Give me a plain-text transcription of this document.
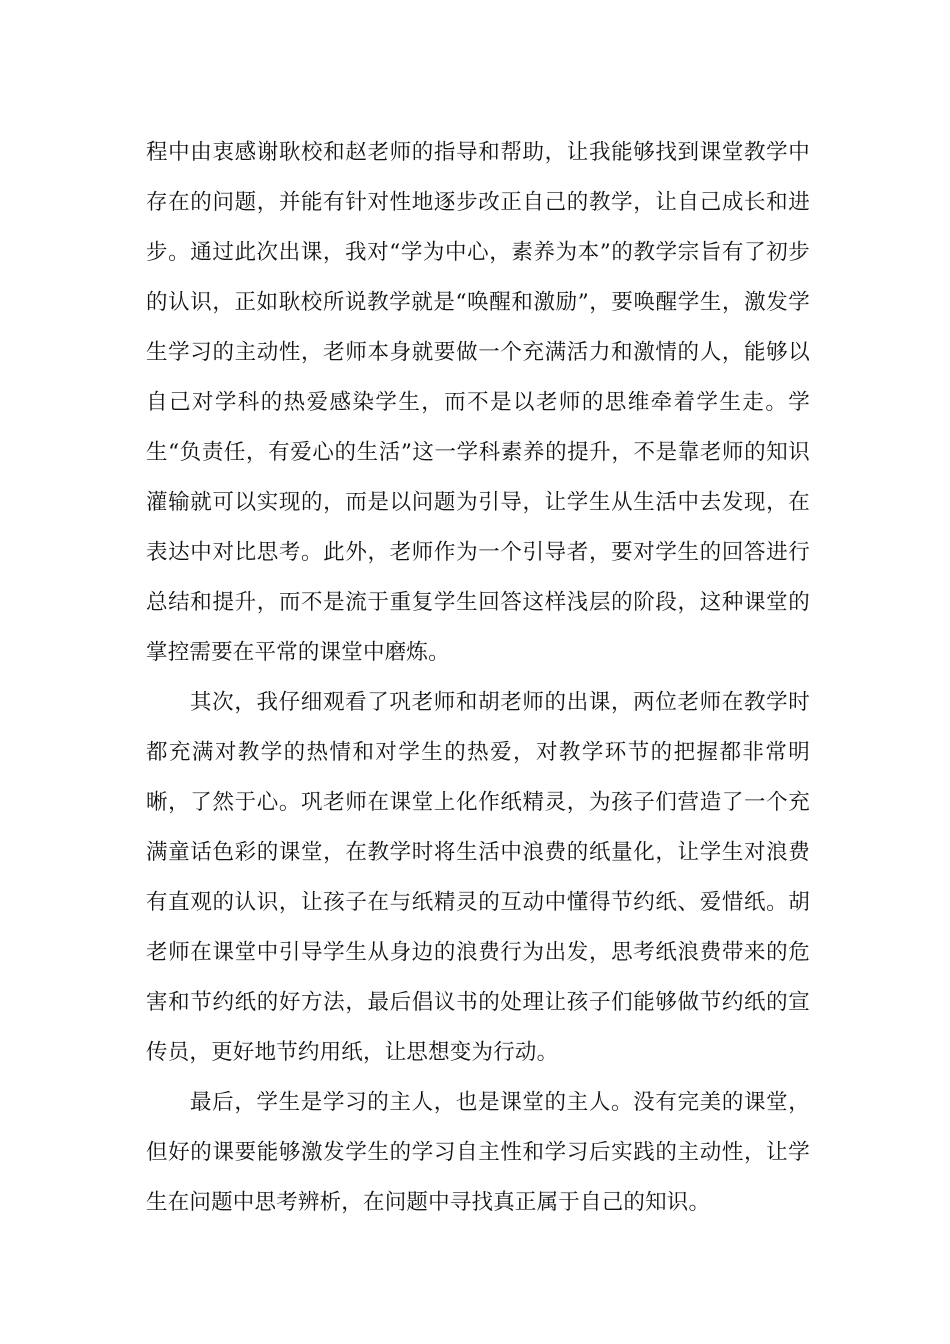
程中由衷感谢耿校和赵老师的指导和帮助，让我能够找到课堂教学中存在的问题，并能有针对性地逐步改正自己的教学，让自己成长和进步。通过此次出课，我对“学为中心，素养为本”的教学宗旨有了初步的认识，正如耿校所说教学就是“唤醒和激励”，要唤醒学生，激发学生学习的主动性，老师本身就要做一个充满活力和激情的人，能够以自己对学科的热爱感染学生，而不是以老师的思维牵着学生走。学生“负责任，有爱心的生活”这一学科素养的提升，不是靠老师的知识灌输就可以实现的，而是以问题为引导，让学生从生活中去发现，在表达中对比思考。此外，老师作为一个引导者，要对学生的回答进行总结和提升，而不是流于重复学生回答这样浅层的阶段，这种课堂的掌控需要在平常的课堂中磨炼。

其次，我仔细观看了巩老师和胡老师的出课，两位老师在教学时都充满对教学的热情和对学生的热爱，对教学环节的把握都非常明晰，了然于心。巩老师在课堂上化作纸精灵，为孩子们营造了一个充满童话色彩的课堂，在教学时将生活中浪费的纸量化，让学生对浪费有直观的认识，让孩子在与纸精灵的互动中懂得节约纸、爱惜纸。胡老师在课堂中引导学生从身边的浪费行为出发，思考纸浪费带来的危害和节约纸的好方法，最后倡议书的处理让孩子们能够做节约纸的宣传员，更好地节约用纸，让思想变为行动。

最后，学生是学习的主人，也是课堂的主人。没有完美的课堂，但好的课要能够激发学生的学习自主性和学习后实践的主动性，让学生在问题中思考辨析，在问题中寻找真正属于自己的知识。
